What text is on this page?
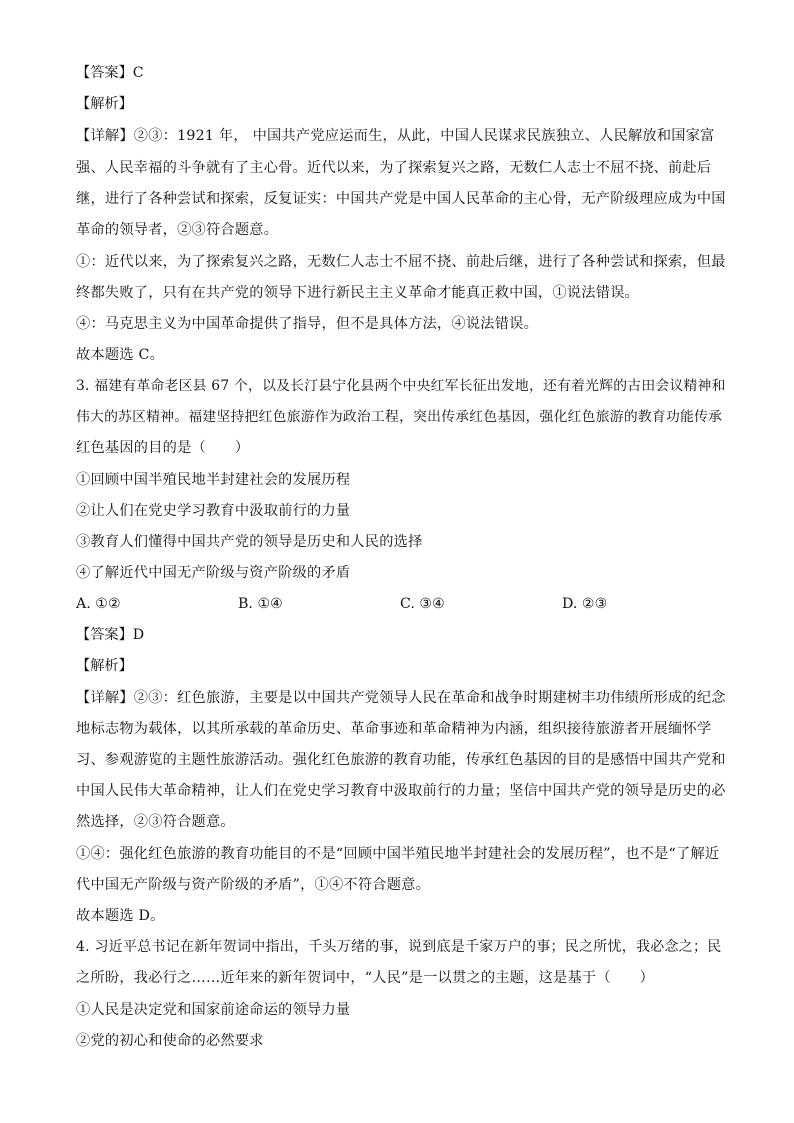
【答案】C
【解析】
【详解】②③：1921 年， 中国共产党应运而生，从此，中国人民谋求民族独立、人民解放和国家富
强、人民幸福的斗争就有了主心骨。近代以来，为了探索复兴之路，无数仁人志士不屈不挠、前赴后
继，进行了各种尝试和探索，反复证实：中国共产党是中国人民革命的主心骨，无产阶级理应成为中国
革命的领导者，②③符合题意。
①：近代以来，为了探索复兴之路，无数仁人志士不屈不挠、前赴后继，进行了各种尝试和探索，但最
终都失败了，只有在共产党的领导下进行新民主主义革命才能真正救中国，①说法错误。
④：马克思主义为中国革命提供了指导，但不是具体方法，④说法错误。
故本题选 C。
3. 福建有革命老区县 67 个，以及长汀县宁化县两个中央红军长征出发地，还有着光辉的古田会议精神和
伟大的苏区精神。福建坚持把红色旅游作为政治工程，突出传承红色基因，强化红色旅游的教育功能传承
红色基因的目的是（　　）
①回顾中国半殖民地半封建社会的发展历程
②让人们在党史学习教育中汲取前行的力量
③教育人们懂得中国共产党的领导是历史和人民的选择
④了解近代中国无产阶级与资产阶级的矛盾
A. ①②	B. ①④	C. ③④	D. ②③
【答案】D
【解析】
【详解】②③：红色旅游，主要是以中国共产党领导人民在革命和战争时期建树丰功伟绩所形成的纪念
地标志物为载体，以其所承载的革命历史、革命事迹和革命精神为内涵，组织接待旅游者开展缅怀学
习、参观游览的主题性旅游活动。强化红色旅游的教育功能，传承红色基因的目的是感悟中国共产党和
中国人民伟大革命精神，让人们在党史学习教育中汲取前行的力量；坚信中国共产党的领导是历史的必
然选择，②③符合题意。
①④：强化红色旅游的教育功能目的不是“回顾中国半殖民地半封建社会的发展历程”，也不是“了解近
代中国无产阶级与资产阶级的矛盾”，①④不符合题意。
故本题选 D。
4. 习近平总书记在新年贺词中指出，千头万绪的事，说到底是千家万户的事；民之所忧，我必念之；民
之所盼，我必行之……近年来的新年贺词中，“人民”是一以贯之的主题，这是基于（　　）
①人民是决定党和国家前途命运的领导力量
②党的初心和使命的必然要求
